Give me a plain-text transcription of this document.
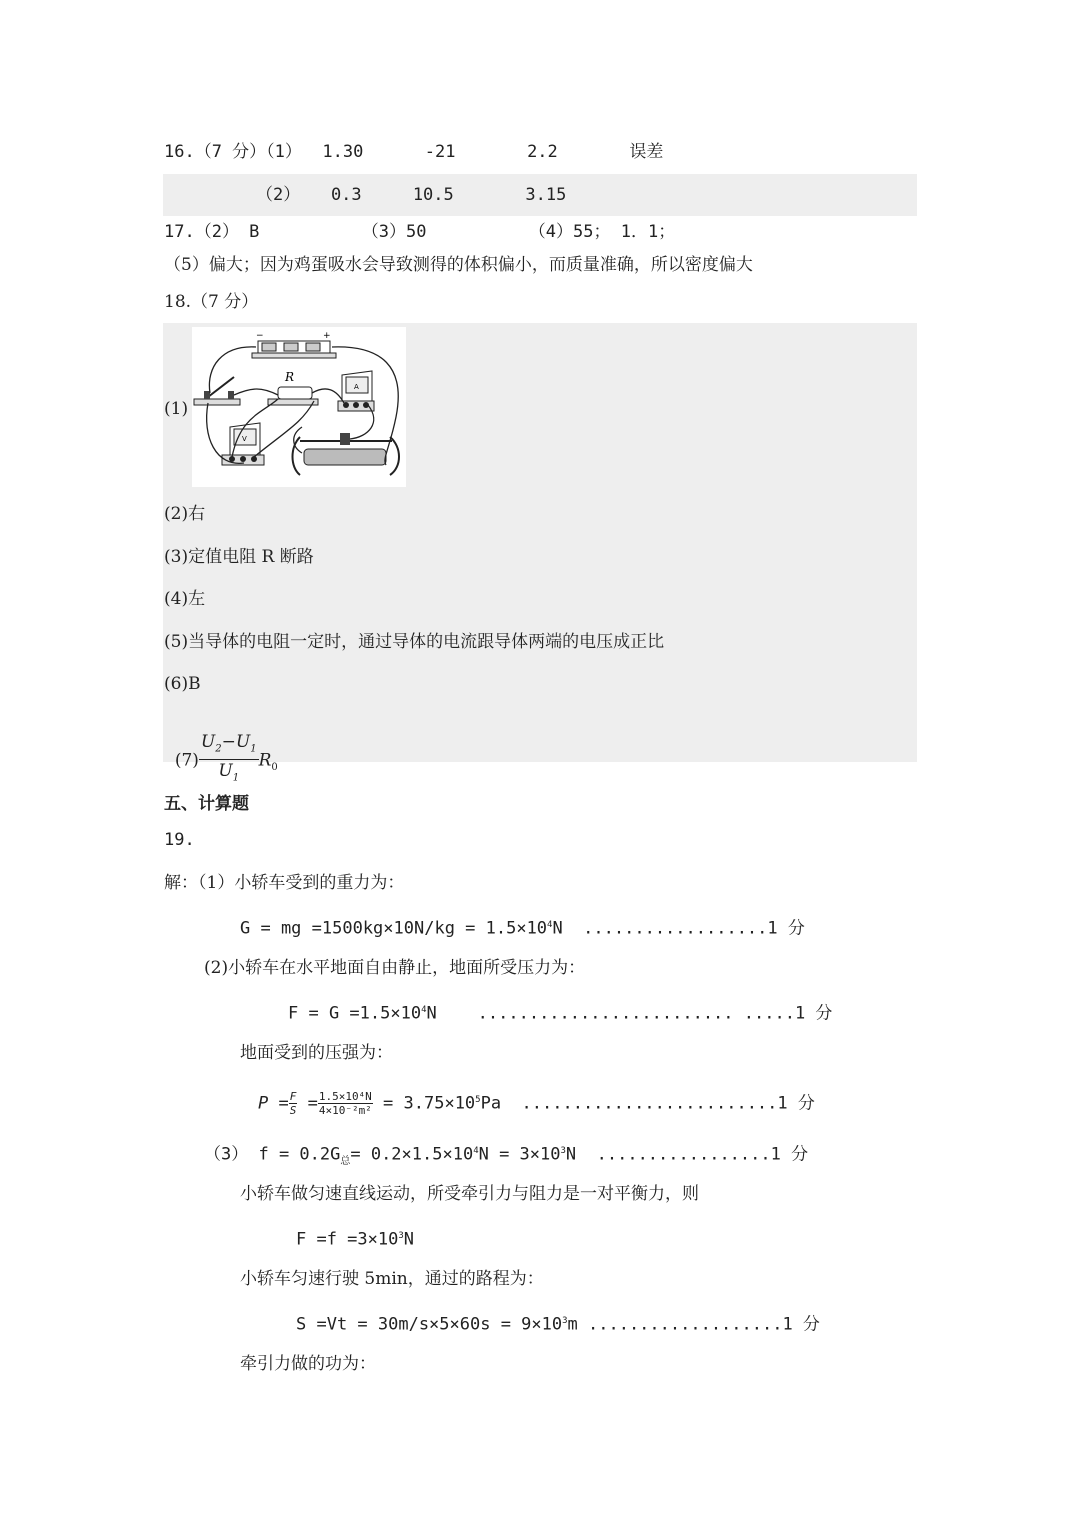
16.（7 分）（1）  1.30      -21       2.2       误差
（2）   0.3     10.5       3.15
17.（2） B          （3）50          （4）55； 1．1；
（5）偏大；因为鸡蛋吸水会导致测得的体积偏小，而质量准确，所以密度偏大
18.（7 分）
(1)
−	+
R
A
V
(2)右
(3)定值电阻 R 断路
(4)左
(5)当导体的电阻一定时，通过导体的电流跟导体两端的电压成正比
(6)B

$(7) \frac{U_2-U_1}{U_1} R_0$

五、计算题
19.
解：（1）小轿车受到的重力为：
G = mg $=1500kg\times 10N/kg = 1.5\times 10^4N$  ..................1 分
(2)小轿车在水平地面自由静止，地面所受压力为：
$F = G =1.5\times 10^4N$    ......................... .....1 分
地面受到的压强为：
$P = \frac{F}{S} = \frac{\text{1.5×10⁴N}}{\text{4×10⁻²m²}} = 3.75\times 10^5Pa$  .........................1 分
（3） $f = 0.2G_总= 0.2\times 1.5\times 10^4N = 3\times 10^3N$  .................1 分
小轿车做匀速直线运动，所受牵引力与阻力是一对平衡力，则
$F =f =3\times 10^3N$
小轿车匀速行驶 5min，通过的路程为：
$S =Vt = 30m/s\times 5\times 60s = 9\times 10^3m$ ...................1 分
牵引力做的功为：
